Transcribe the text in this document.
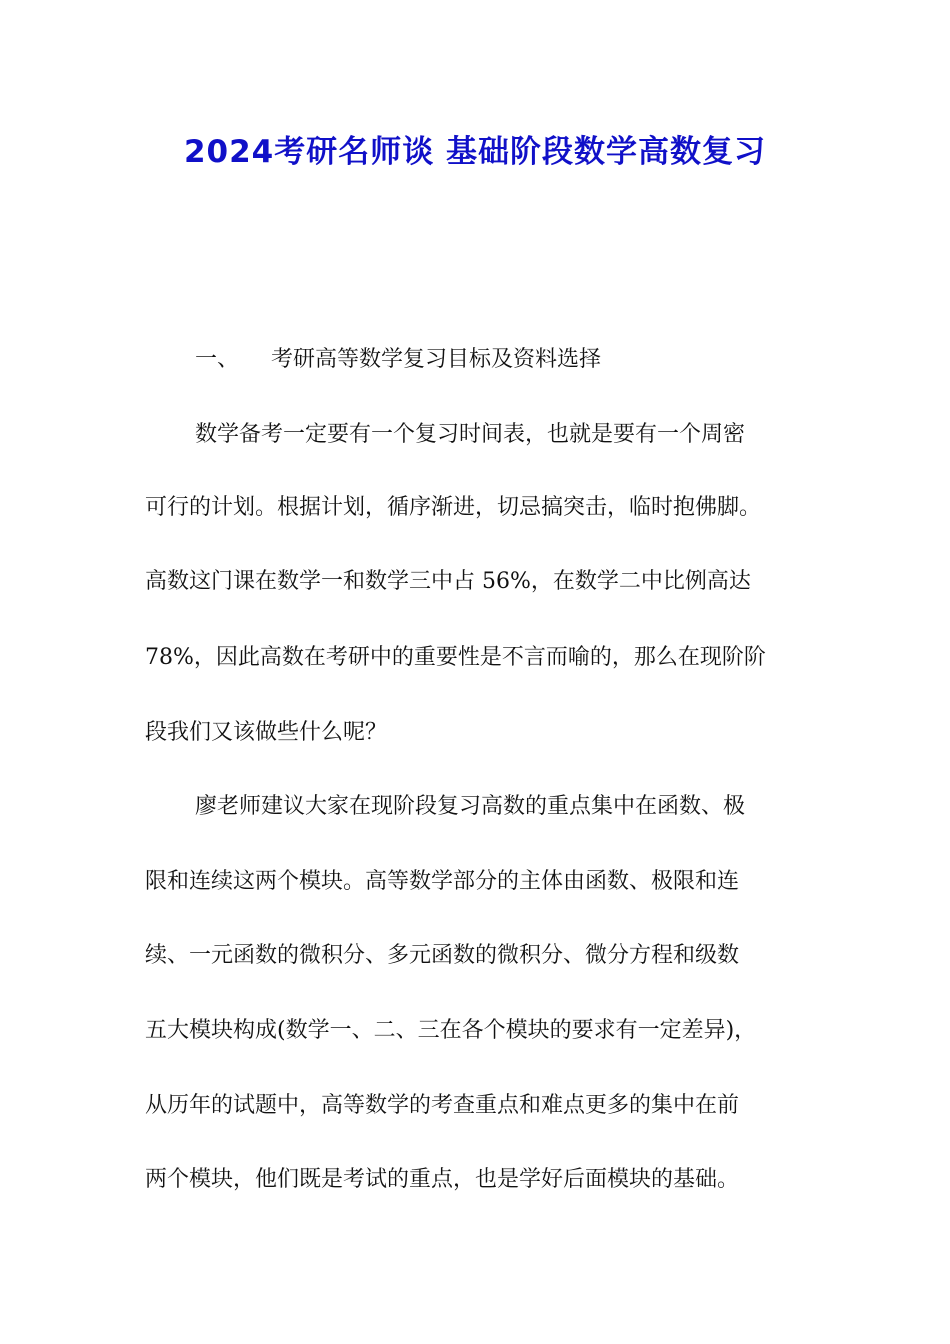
2024考研名师谈 基础阶段数学高数复习
一、 考研高等数学复习目标及资料选择

数学备考一定要有一个复习时间表，也就是要有一个周密

可行的计划。根据计划，循序渐进，切忌搞突击，临时抱佛脚。

高数这门课在数学一和数学三中占 56%，在数学二中比例高达

78%，因此高数在考研中的重要性是不言而喻的，那么在现阶阶

段我们又该做些什么呢？

廖老师建议大家在现阶段复习高数的重点集中在函数、极

限和连续这两个模块。高等数学部分的主体由函数、极限和连

续、一元函数的微积分、多元函数的微积分、微分方程和级数

五大模块构成(数学一、二、三在各个模块的要求有一定差异)，

从历年的试题中，高等数学的考查重点和难点更多的集中在前

两个模块，他们既是考试的重点，也是学好后面模块的基础。
